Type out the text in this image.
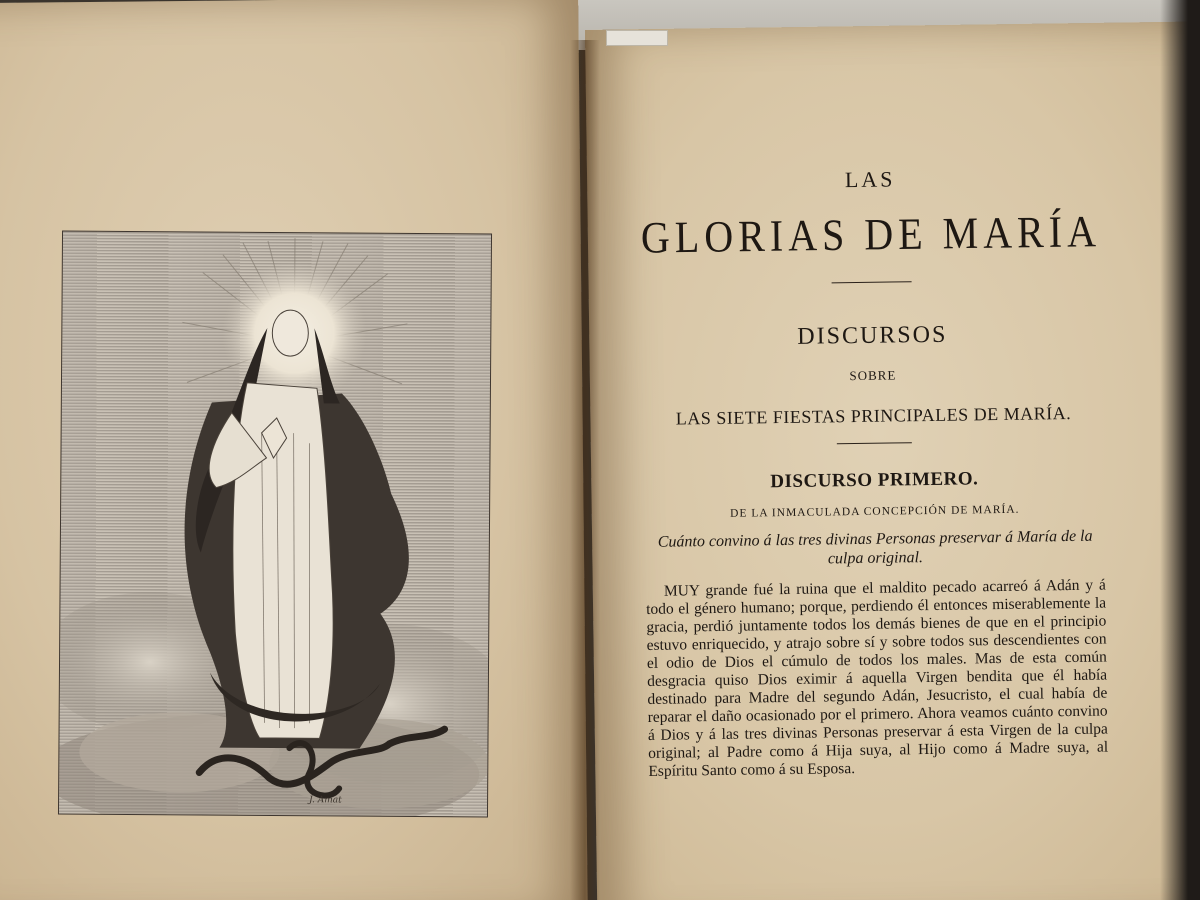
J. Amat
LAS
GLORIAS DE MARÍA
DISCURSOS
SOBRE
LAS SIETE FIESTAS PRINCIPALES DE MARÍA.
DISCURSO PRIMERO.
DE LA INMACULADA CONCEPCIÓN DE MARÍA.
Cuánto convino á las tres divinas Personas preservar á María de la culpa original.
MUY grande fué la ruina que el maldito pecado acarreó á Adán y á todo el género humano; porque, perdiendo él entonces miserablemente la gracia, perdió juntamente todos los demás bienes de que en el principio estuvo enriquecido, y atrajo sobre sí y sobre todos sus descendientes con el odio de Dios el cúmulo de todos los males. Mas de esta común desgracia quiso Dios eximir á aquella Virgen bendita que él había destinado para Madre del segundo Adán, Jesucristo, el cual había de reparar el daño ocasionado por el primero. Ahora veamos cuánto convino á Dios y á las tres divinas Personas preservar á esta Virgen de la culpa original; al Padre como á Hija suya, al Hijo como á Madre suya, al Espíritu Santo como á su Esposa.
